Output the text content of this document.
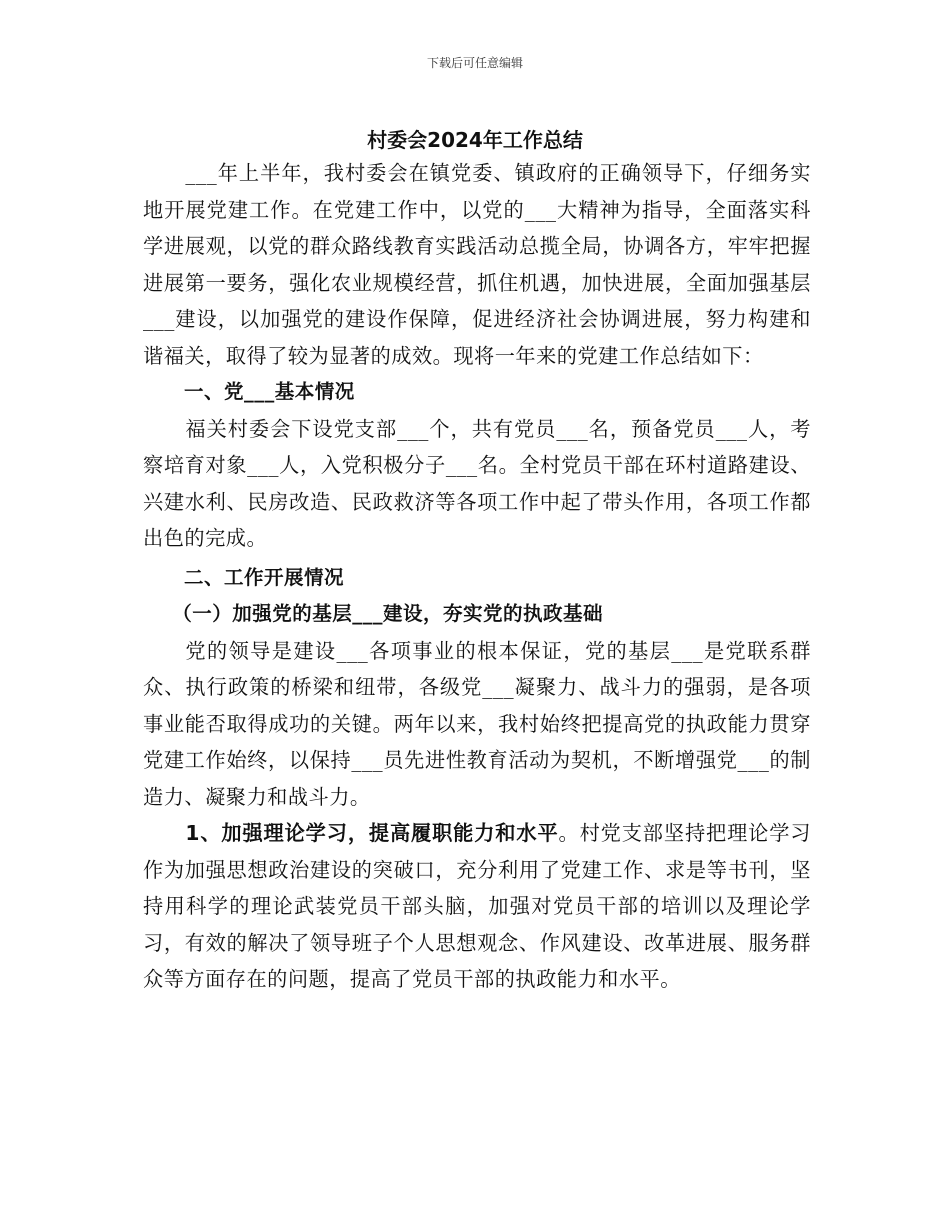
下载后可任意编辑
村委会2024年工作总结

___年上半年，我村委会在镇党委、镇政府的正确领导下，仔细务实地开展党建工作。在党建工作中，以党的___大精神为指导，全面落实科学进展观，以党的群众路线教育实践活动总揽全局，协调各方，牢牢把握进展第一要务，强化农业规模经营，抓住机遇，加快进展，全面加强基层___建设，以加强党的建设作保障，促进经济社会协调进展，努力构建和谐福关，取得了较为显著的成效。现将一年来的党建工作总结如下：

一、党___基本情况

福关村委会下设党支部___个，共有党员___名，预备党员___人，考察培育对象___人，入党积极分子___名。全村党员干部在环村道路建设、兴建水利、民房改造、民政救济等各项工作中起了带头作用，各项工作都出色的完成。

二、工作开展情况

（一）加强党的基层___建设，夯实党的执政基础

党的领导是建设___各项事业的根本保证，党的基层___是党联系群众、执行政策的桥梁和纽带，各级党___凝聚力、战斗力的强弱，是各项事业能否取得成功的关键。两年以来，我村始终把提高党的执政能力贯穿党建工作始终，以保持___员先进性教育活动为契机，不断增强党___的制造力、凝聚力和战斗力。

1、加强理论学习，提高履职能力和水平。村党支部坚持把理论学习作为加强思想政治建设的突破口，充分利用了党建工作、求是等书刊，坚持用科学的理论武装党员干部头脑，加强对党员干部的培训以及理论学习，有效的解决了领导班子个人思想观念、作风建设、改革进展、服务群众等方面存在的问题，提高了党员干部的执政能力和水平。
